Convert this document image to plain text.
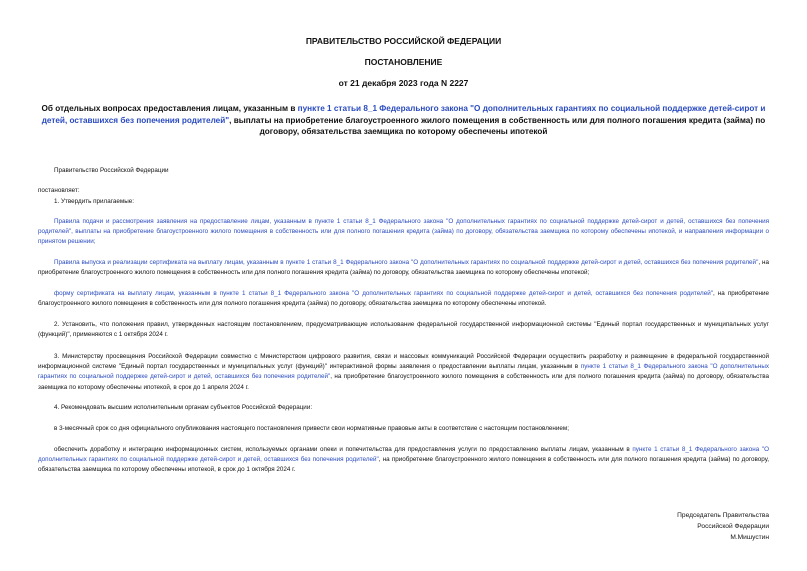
ПРАВИТЕЛЬСТВО РОССИЙСКОЙ ФЕДЕРАЦИИ
ПОСТАНОВЛЕНИЕ
от 21 декабря 2023 года N 2227
Об отдельных вопросах предоставления лицам, указанным в пункте 1 статьи 8_1 Федерального закона "О дополнительных гарантиях по социальной поддержке детей-сирот и детей, оставшихся без попечения родителей", выплаты на приобретение благоустроенного жилого помещения в собственность или для полного погашения кредита (займа) по договору, обязательства заемщика по которому обеспечены ипотекой
Правительство Российской Федерации
постановляет:
1. Утвердить прилагаемые:
Правила подачи и рассмотрения заявления на предоставление лицам, указанным в пункте 1 статьи 8_1 Федерального закона "О дополнительных гарантиях по социальной поддержке детей-сирот и детей, оставшихся без попечения родителей", выплаты на приобретение благоустроенного жилого помещения в собственность или для полного погашения кредита (займа) по договору, обязательства заемщика по которому обеспечены ипотекой, и направления информации о принятом решении;
Правила выпуска и реализации сертификата на выплату лицам, указанным в пункте 1 статьи 8_1 Федерального закона "О дополнительных гарантиях по социальной поддержке детей-сирот и детей, оставшихся без попечения родителей", на приобретение благоустроенного жилого помещения в собственность или для полного погашения кредита (займа) по договору, обязательства заемщика по которому обеспечены ипотекой;
форму сертификата на выплату лицам, указанным в пункте 1 статьи 8_1 Федерального закона "О дополнительных гарантиях по социальной поддержке детей-сирот и детей, оставшихся без попечения родителей", на приобретение благоустроенного жилого помещения в собственность или для полного погашения кредита (займа) по договору, обязательства заемщика по которому обеспечены ипотекой.
2. Установить, что положения правил, утвержденных настоящим постановлением, предусматривающие использование федеральной государственной информационной системы "Единый портал государственных и муниципальных услуг (функций)", применяются с 1 октября 2024 г.
3. Министерству просвещения Российской Федерации совместно с Министерством цифрового развития, связи и массовых коммуникаций Российской Федерации осуществить разработку и размещение в федеральной государственной информационной системе "Единый портал государственных и муниципальных услуг (функций)" интерактивной формы заявления о предоставлении выплаты лицам, указанным в пункте 1 статьи 8_1 Федерального закона "О дополнительных гарантиях по социальной поддержке детей-сирот и детей, оставшихся без попечения родителей", на приобретение благоустроенного жилого помещения в собственность или для полного погашения кредита (займа) по договору, обязательства заемщика по которому обеспечены ипотекой, в срок до 1 апреля 2024 г.
4. Рекомендовать высшим исполнительным органам субъектов Российской Федерации:
в 3-месячный срок со дня официального опубликования настоящего постановления привести свои нормативные правовые акты в соответствие с настоящим постановлением;
обеспечить доработку и интеграцию информационных систем, используемых органами опеки и попечительства для предоставления услуги по предоставлению выплаты лицам, указанным в пункте 1 статьи 8_1 Федерального закона "О дополнительных гарантиях по социальной поддержке детей-сирот и детей, оставшихся без попечения родителей", на приобретение благоустроенного жилого помещения в собственность или для полного погашения кредита (займа) по договору, обязательства заемщика по которому обеспечены ипотекой, в срок до 1 октября 2024 г.
Председатель Правительства
Российской Федерации
М.Мишустин
